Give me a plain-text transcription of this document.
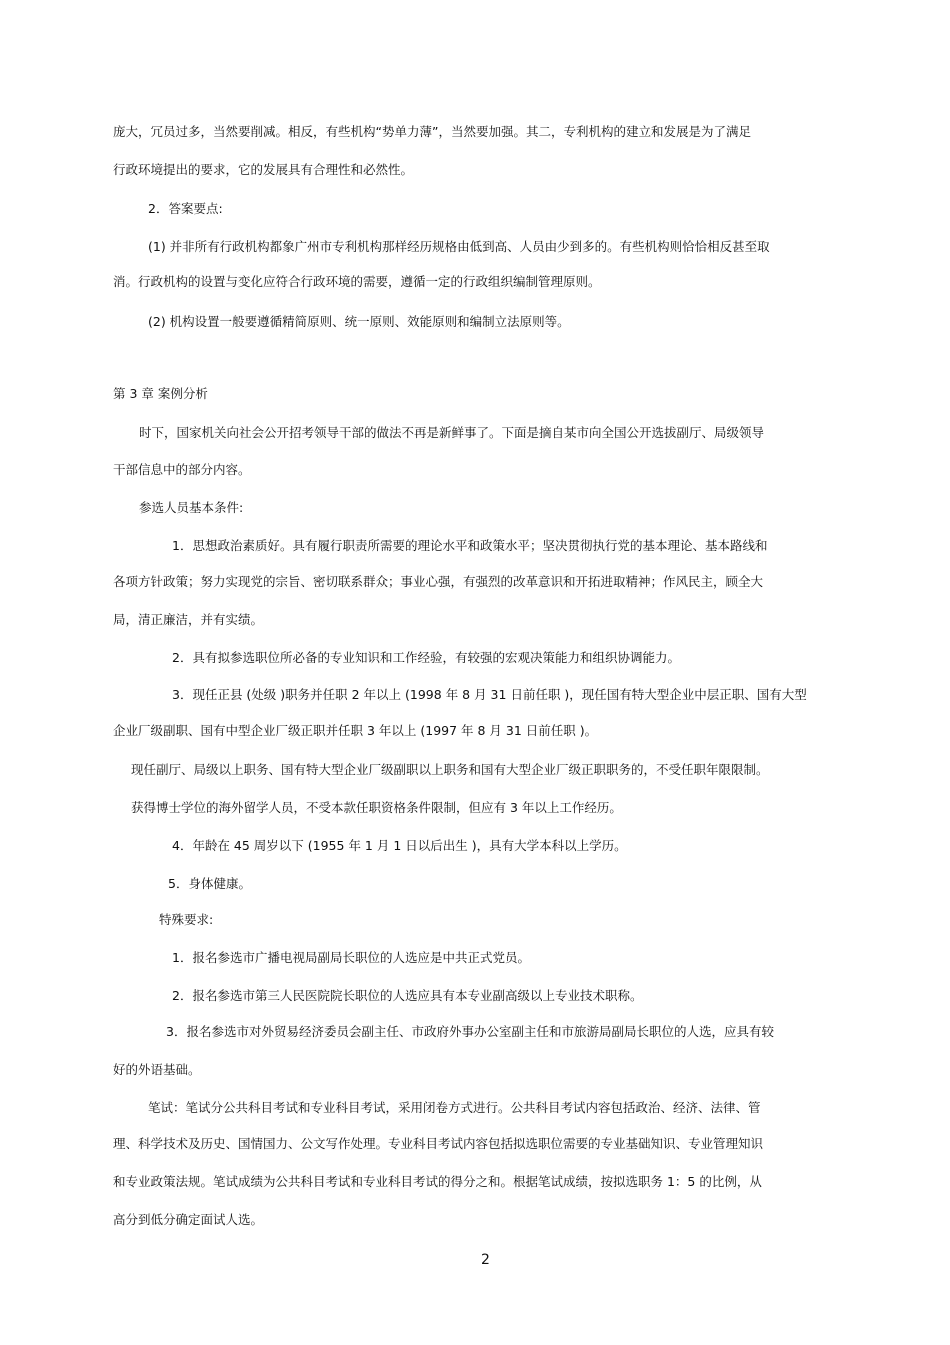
庞大，冗员过多，当然要削减。相反，有些机构“势单力薄”，当然要加强。其二，专利机构的建立和发展是为了满足
行政环境提出的要求，它的发展具有合理性和必然性。
2．答案要点:
(1) 并非所有行政机构都象广州市专利机构那样经历规格由低到高、人员由少到多的。有些机构则恰恰相反甚至取
消。行政机构的设置与变化应符合行政环境的需要，遵循一定的行政组织编制管理原则。
(2) 机构设置一般要遵循精简原则、统一原则、效能原则和编制立法原则等。
第 3 章 案例分析
时下，国家机关向社会公开招考领导干部的做法不再是新鲜事了。下面是摘自某市向全国公开选拔副厅、局级领导
干部信息中的部分内容。
参选人员基本条件:
1．思想政治素质好。具有履行职责所需要的理论水平和政策水平；坚决贯彻执行党的基本理论、基本路线和
各项方针政策；努力实现党的宗旨、密切联系群众；事业心强，有强烈的改革意识和开拓进取精神；作风民主，顾全大
局，清正廉洁，并有实绩。
2．具有拟参选职位所必备的专业知识和工作经验，有较强的宏观决策能力和组织协调能力。
3．现任正县 (处级 )职务并任职 2 年以上 (1998 年 8 月 31 日前任职 )，现任国有特大型企业中层正职、国有大型
企业厂级副职、国有中型企业厂级正职并任职 3 年以上 (1997 年 8 月 31 日前任职 )。
现任副厅、局级以上职务、国有特大型企业厂级副职以上职务和国有大型企业厂级正职职务的，不受任职年限限制。
获得博士学位的海外留学人员，不受本款任职资格条件限制，但应有 3 年以上工作经历。
4．年龄在 45 周岁以下 (1955 年 1 月 1 日以后出生 )，具有大学本科以上学历。
5．身体健康。
特殊要求:
1．报名参选市广播电视局副局长职位的人选应是中共正式党员。
2．报名参选市第三人民医院院长职位的人选应具有本专业副高级以上专业技术职称。
3．报名参选市对外贸易经济委员会副主任、市政府外事办公室副主任和市旅游局副局长职位的人选，应具有较
好的外语基础。
笔试：笔试分公共科目考试和专业科目考试，采用闭卷方式进行。公共科目考试内容包括政治、经济、法律、管
理、科学技术及历史、国情国力、公文写作处理。专业科目考试内容包括拟选职位需要的专业基础知识、专业管理知识
和专业政策法规。笔试成绩为公共科目考试和专业科目考试的得分之和。根据笔试成绩，按拟选职务 1：5 的比例，从
高分到低分确定面试人选。
2
